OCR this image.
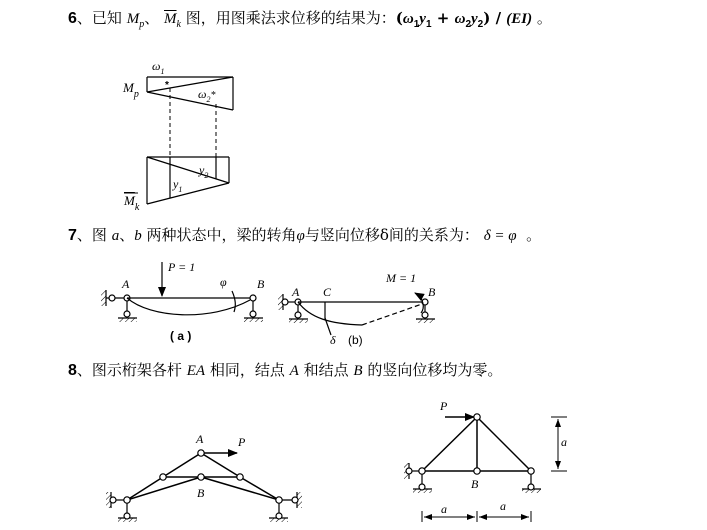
6、已知 $M_p$、 $\overline{M}_k$ 图，用图乘法求位移的结果为：$(\omega_1y_1 + \omega_2y_2) / (EI)$ 。
7、图 a、b 两种状态中，梁的转角φ与竖向位移δ间的关系为： δ = φ 。
8、图示桁架各杆 EA 相同，结点 A 和结点 B 的竖向位移均为零。
$\omega_1$
*
$\omega_2^*$
$M_p$
$y_2$
$y_1$
$M_k$
P = 1
A	B
φ
( a )
M = 1
A C	B
δ (b)
A	P
B
P
B
a
a	a
